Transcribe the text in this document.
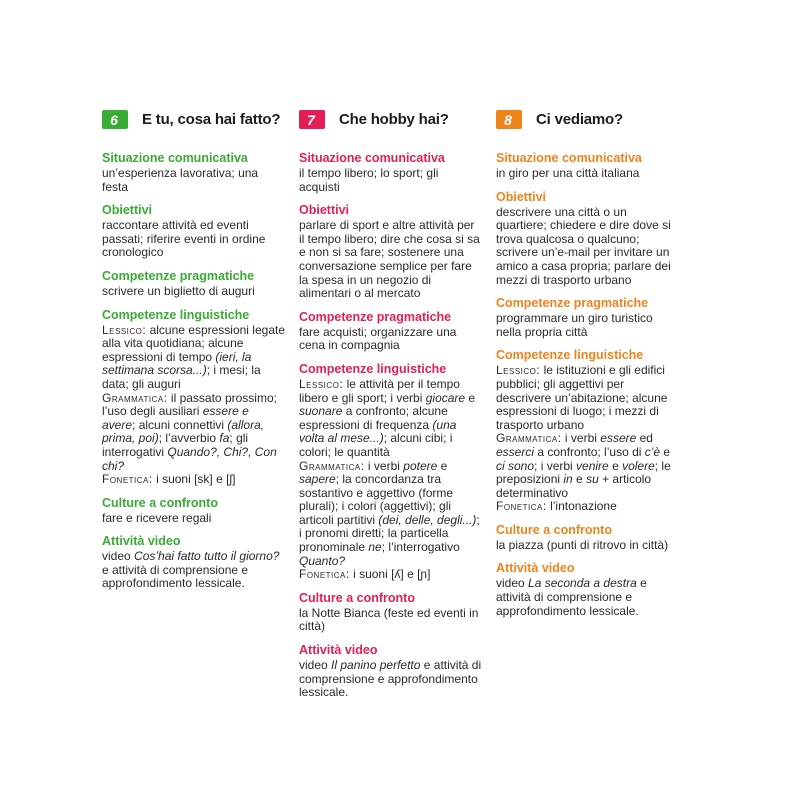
6	E tu, cosa hai fatto?
Situazione comunicativa

un’esperienza lavorativa; una festa

Obiettivi

raccontare attività ed eventi passati; riferire eventi in ordine cronologico

Competenze pragmatiche

scrivere un biglietto di auguri

Competenze linguistiche

Lessico: alcune espressioni legate alla vita quotidiana; alcune espressioni di tempo (ieri, la settimana scorsa...); i mesi; la data; gli auguri

Grammatica: il passato prossimo; l’uso degli ausiliari essere e avere; alcuni connettivi (allora, prima, poi); l’avverbio fa; gli interrogativi Quando?, Chi?, Con chi?

Fonetica: i suoni [sk] e [ʃ]

Culture a confronto

fare e ricevere regali

Attività video

video Cos’hai fatto tutto il giorno? e attività di comprensione e approfondimento lessicale.

7	Che hobby hai?
Situazione comunicativa

il tempo libero; lo sport; gli acquisti

Obiettivi

parlare di sport e altre attività per il tempo libero; dire che cosa si sa e non si sa fare; sostenere una conversazione semplice per fare la spesa in un negozio di alimentari o al mercato

Competenze pragmatiche

fare acquisti; organizzare una cena in compagnia

Competenze linguistiche

Lessico: le attività per il tempo libero e gli sport; i verbi giocare e suonare a confronto; alcune espressioni di frequenza (una volta al mese...); alcuni cibi; i colori; le quantità

Grammatica: i verbi potere e sapere; la concordanza tra sostantivo e aggettivo (forme plurali); i colori (aggettivi); gli articoli partitivi (dei, delle, degli...); i pronomi diretti; la particella pronominale ne; l’interrogativo Quanto?

Fonetica: i suoni [ʎ] e [ɲ]

Culture a confronto

la Notte Bianca (feste ed eventi in città)

Attività video

video Il panino perfetto e attività di comprensione e approfondimento lessicale.

8	Ci vediamo?
Situazione comunicativa

in giro per una città italiana

Obiettivi

descrivere una città o un quartiere; chiedere e dire dove si trova qualcosa o qualcuno; scrivere un’e-mail per invitare un amico a casa propria; parlare dei mezzi di trasporto urbano

Competenze pragmatiche

programmare un giro turistico nella propria città

Competenze linguistiche

Lessico: le istituzioni e gli edifici pubblici; gli aggettivi per descrivere un’abitazione; alcune espressioni di luogo; i mezzi di trasporto urbano

Grammatica: i verbi essere ed esserci a confronto; l’uso di c’è e ci sono; i verbi venire e volere; le preposizioni in e su + articolo determinativo

Fonetica: l’intonazione

Culture a confronto

la piazza (punti di ritrovo in città)

Attività video

video La seconda a destra e attività di comprensione e approfondimento lessicale.
